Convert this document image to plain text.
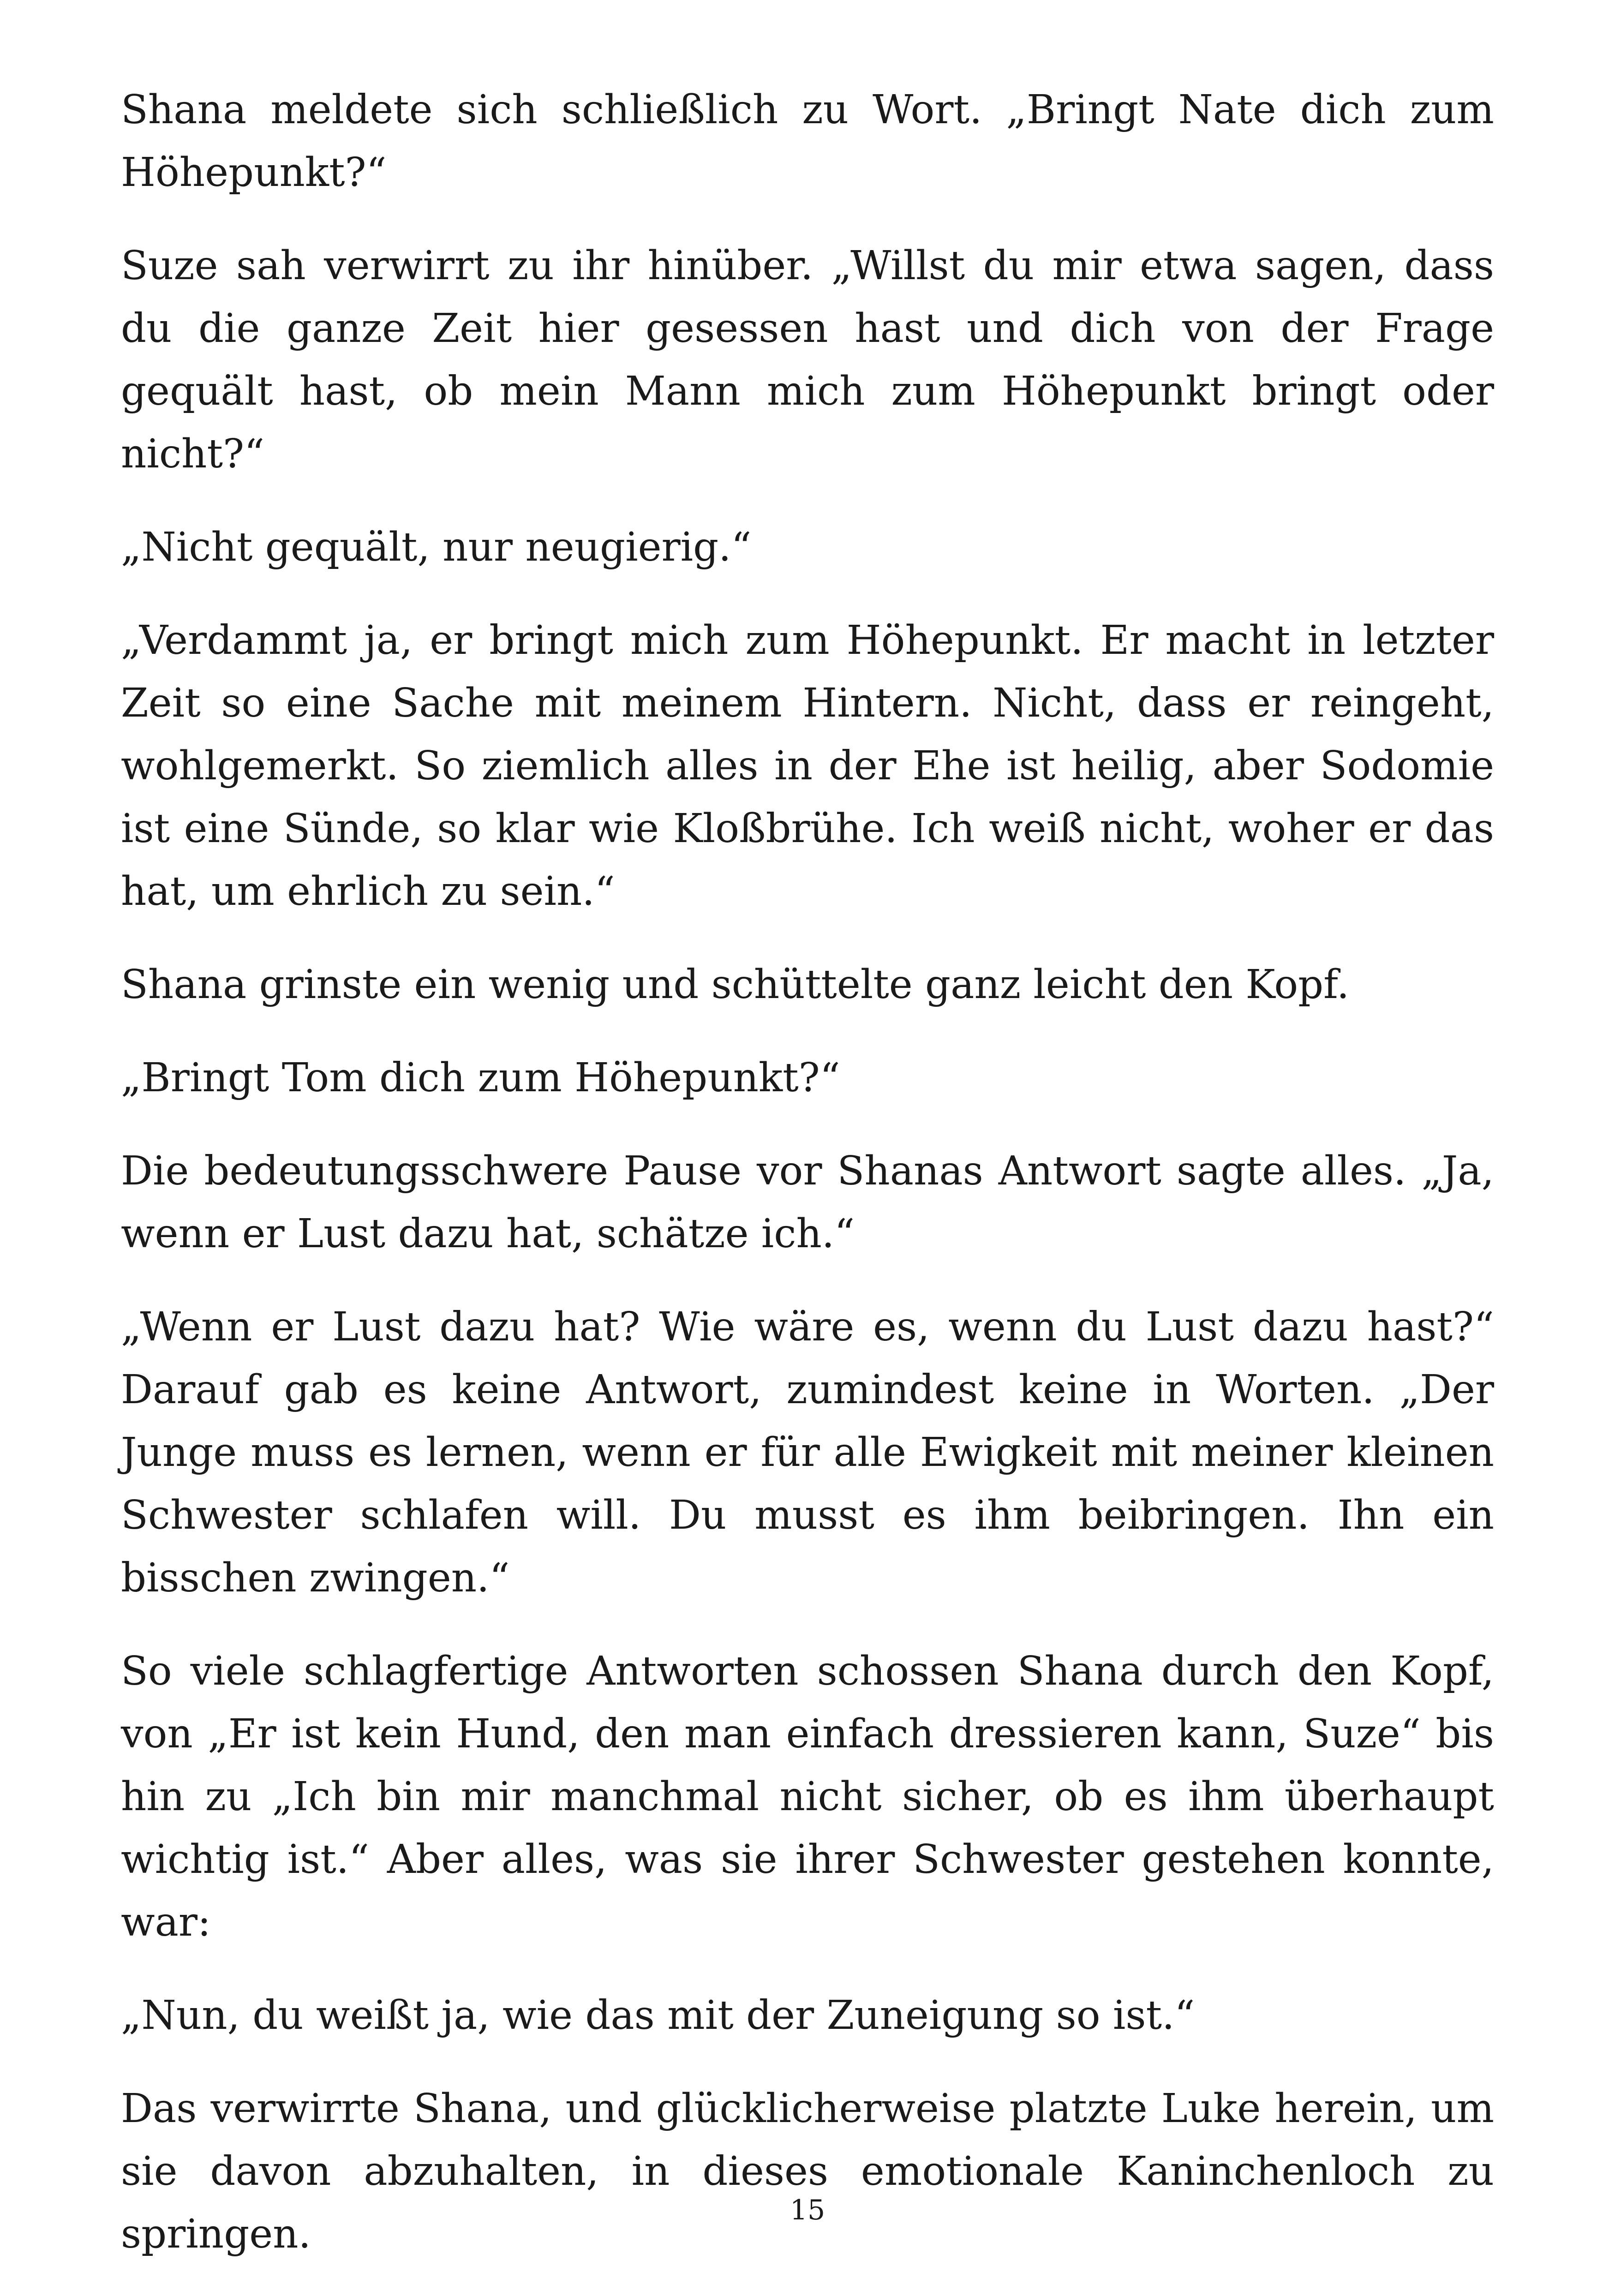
Shana meldete sich schließlich zu Wort. „Bringt Nate dich zum Höhepunkt?“

Suze sah verwirrt zu ihr hinüber. „Willst du mir etwa sagen, dass du die ganze Zeit hier gesessen hast und dich von der Frage gequält hast, ob mein Mann mich zum Höhepunkt bringt oder nicht?“

„Nicht gequält, nur neugierig.“

„Verdammt ja, er bringt mich zum Höhepunkt. Er macht in letzter Zeit so eine Sache mit meinem Hintern. Nicht, dass er reingeht, wohlgemerkt. So ziemlich alles in der Ehe ist heilig, aber Sodomie ist eine Sünde, so klar wie Kloßbrühe. Ich weiß nicht, woher er das hat, um ehrlich zu sein.“

Shana grinste ein wenig und schüttelte ganz leicht den Kopf.

„Bringt Tom dich zum Höhepunkt?“

Die bedeutungsschwere Pause vor Shanas Antwort sagte alles. „Ja, wenn er Lust dazu hat, schätze ich.“

„Wenn er Lust dazu hat? Wie wäre es, wenn du Lust dazu hast?“ Darauf gab es keine Antwort, zumindest keine in Worten. „Der Junge muss es lernen, wenn er für alle Ewigkeit mit meiner kleinen Schwester schlafen will. Du musst es ihm beibringen. Ihn ein bisschen zwingen.“

So viele schlagfertige Antworten schossen Shana durch den Kopf, von „Er ist kein Hund, den man einfach dressieren kann, Suze“ bis hin zu „Ich bin mir manchmal nicht sicher, ob es ihm überhaupt wichtig ist.“ Aber alles, was sie ihrer Schwester gestehen konnte, war:

„Nun, du weißt ja, wie das mit der Zuneigung so ist.“

Das verwirrte Shana, und glücklicherweise platzte Luke herein, um sie davon abzuhalten, in dieses emotionale Kaninchenloch zu springen.

15
